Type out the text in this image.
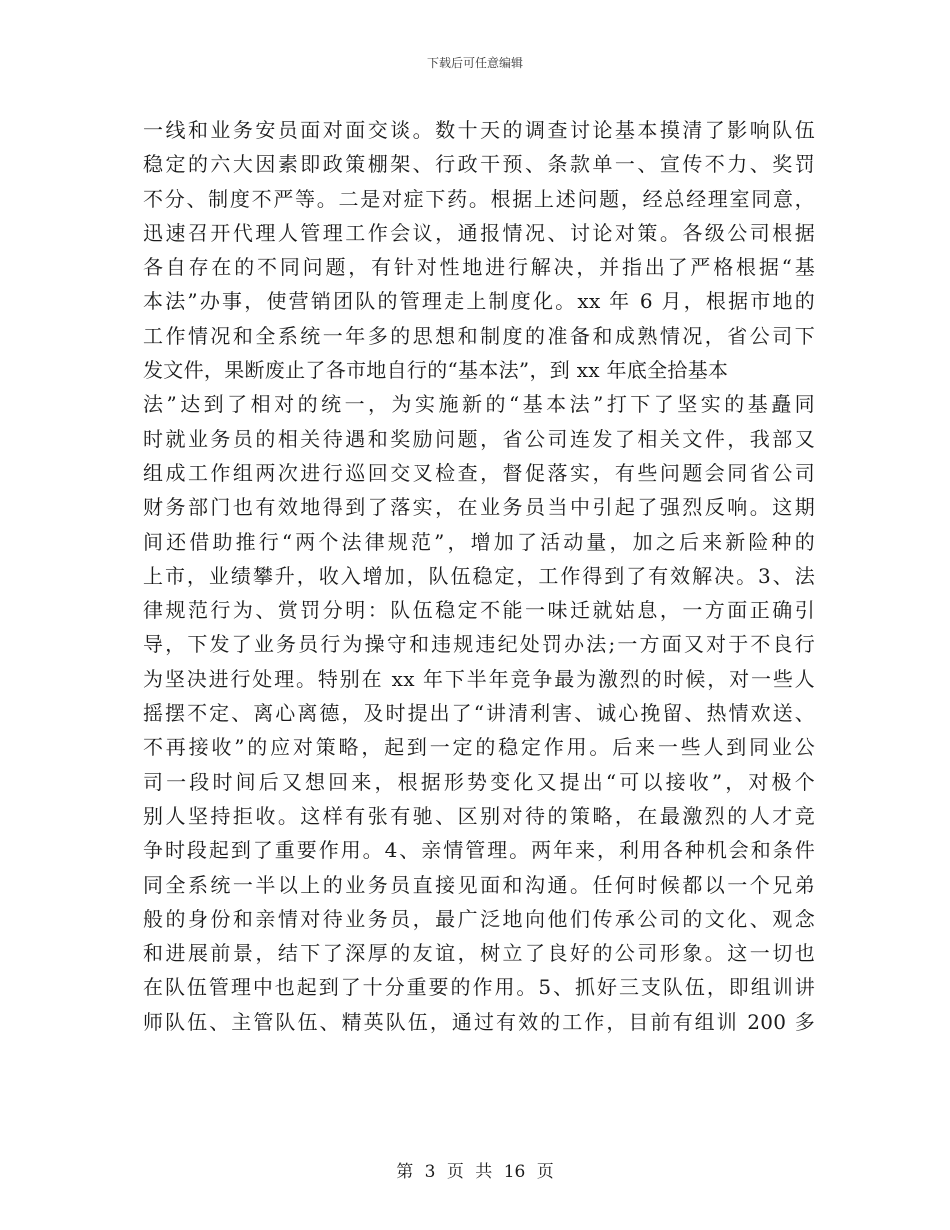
下载后可任意编辑
一线和业务安员面对面交谈。数十天的调查讨论基本摸清了影响队伍
稳定的六大因素即政策棚架、行政干预、条款单一、宣传不力、奖罚
不分、制度不严等。二是对症下药。根据上述问题，经总经理室同意，
迅速召开代理人管理工作会议，通报情况、讨论对策。各级公司根据
各自存在的不同问题，有针对性地进行解决，并指出了严格根据“基
本法”办事，使营销团队的管理走上制度化。xx 年 6 月，根据市地的
工作情况和全系统一年多的思想和制度的准备和成熟情况，省公司下
发文件，果断废止了各市地自行的“基本法”，到 xx 年底全拾基本
法”达到了相对的统一，为实施新的“基本法”打下了坚实的基矗同
时就业务员的相关待遇和奖励问题，省公司连发了相关文件，我部又
组成工作组两次进行巡回交叉检查，督促落实，有些问题会同省公司
财务部门也有效地得到了落实，在业务员当中引起了强烈反响。这期
间还借助推行“两个法律规范”，增加了活动量，加之后来新险种的
上市，业绩攀升，收入增加，队伍稳定，工作得到了有效解决。3、法
律规范行为、赏罚分明：队伍稳定不能一味迁就姑息，一方面正确引
导，下发了业务员行为操守和违规违纪处罚办法;一方面又对于不良行
为坚决进行处理。特别在 xx 年下半年竞争最为激烈的时候，对一些人
摇摆不定、离心离德，及时提出了“讲清利害、诚心挽留、热情欢送、
不再接收”的应对策略，起到一定的稳定作用。后来一些人到同业公
司一段时间后又想回来，根据形势变化又提出“可以接收”，对极个
别人坚持拒收。这样有张有驰、区别对待的策略，在最激烈的人才竞
争时段起到了重要作用。4、亲情管理。两年来，利用各种机会和条件
同全系统一半以上的业务员直接见面和沟通。任何时候都以一个兄弟
般的身份和亲情对待业务员，最广泛地向他们传承公司的文化、观念
和进展前景，结下了深厚的友谊，树立了良好的公司形象。这一切也
在队伍管理中也起到了十分重要的作用。5、抓好三支队伍，即组训讲
师队伍、主管队伍、精英队伍，通过有效的工作，目前有组训 200 多
第 3 页 共 16 页
